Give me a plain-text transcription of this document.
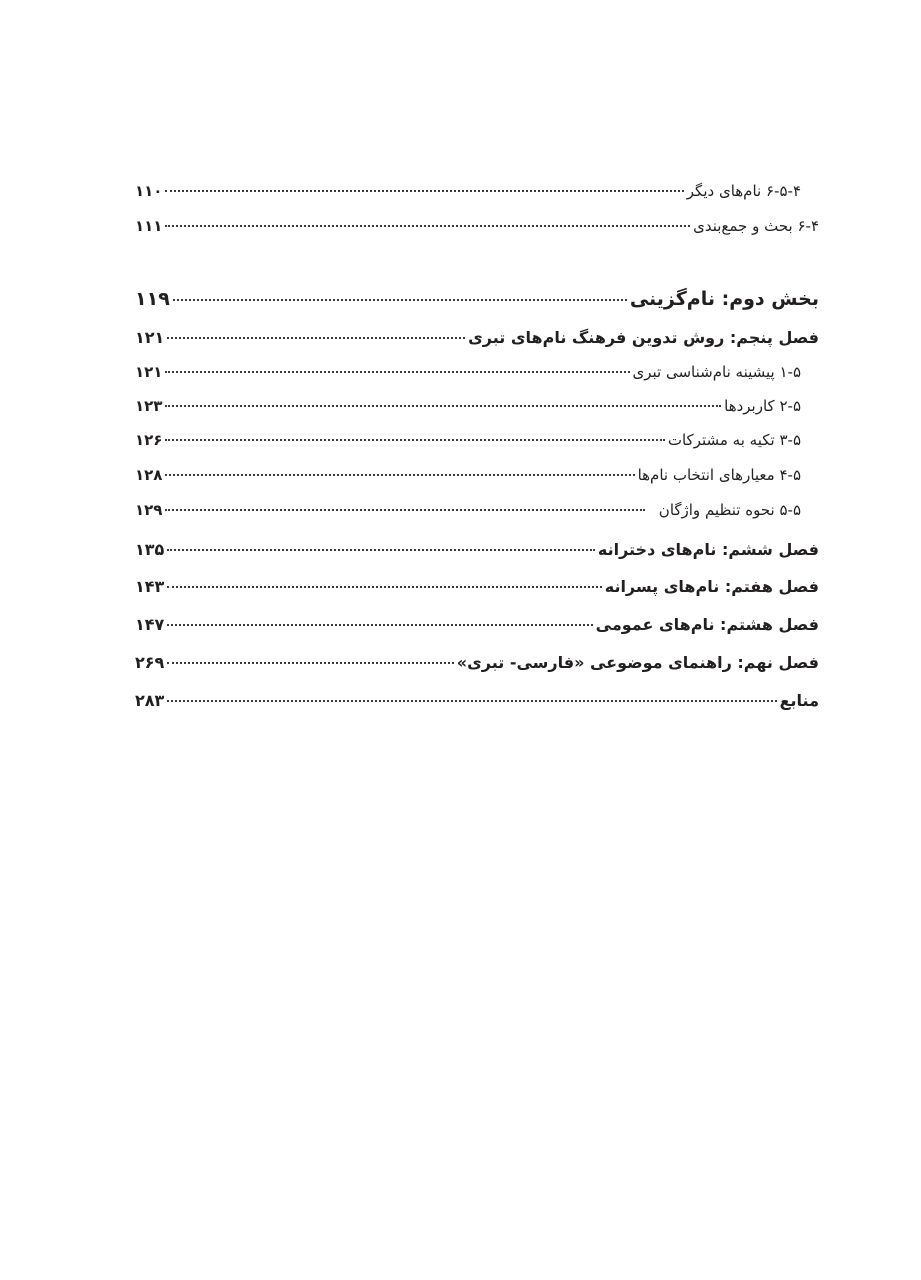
۶-۵-۴ نام‌های دیگر
۱۱۰
۶-۴ بحث و جمع‌بندی
۱۱۱
بخش دوم: نام‌گزینی
۱۱۹
فصل پنجم: روش تدوین فرهنگ نام‌های تبری
۱۲۱
۱-۵ پیشینه نام‌شناسی تبری
۱۲۱
۲-۵ کاربردها
۱۲۳
۳-۵ تکیه به مشترکات
۱۲۶
۴-۵ معیارهای انتخاب نام‌ها
۱۲۸
۵-۵ نحوه تنظیم واژگان
۱۲۹
فصل ششم: نام‌های دخترانه
۱۳۵
فصل هفتم: نام‌های پسرانه
۱۴۳
فصل هشتم: نام‌های عمومی
۱۴۷
فصل نهم: راهنمای موضوعی «فارسی- تبری»
۲۶۹
منابع
۲۸۳
